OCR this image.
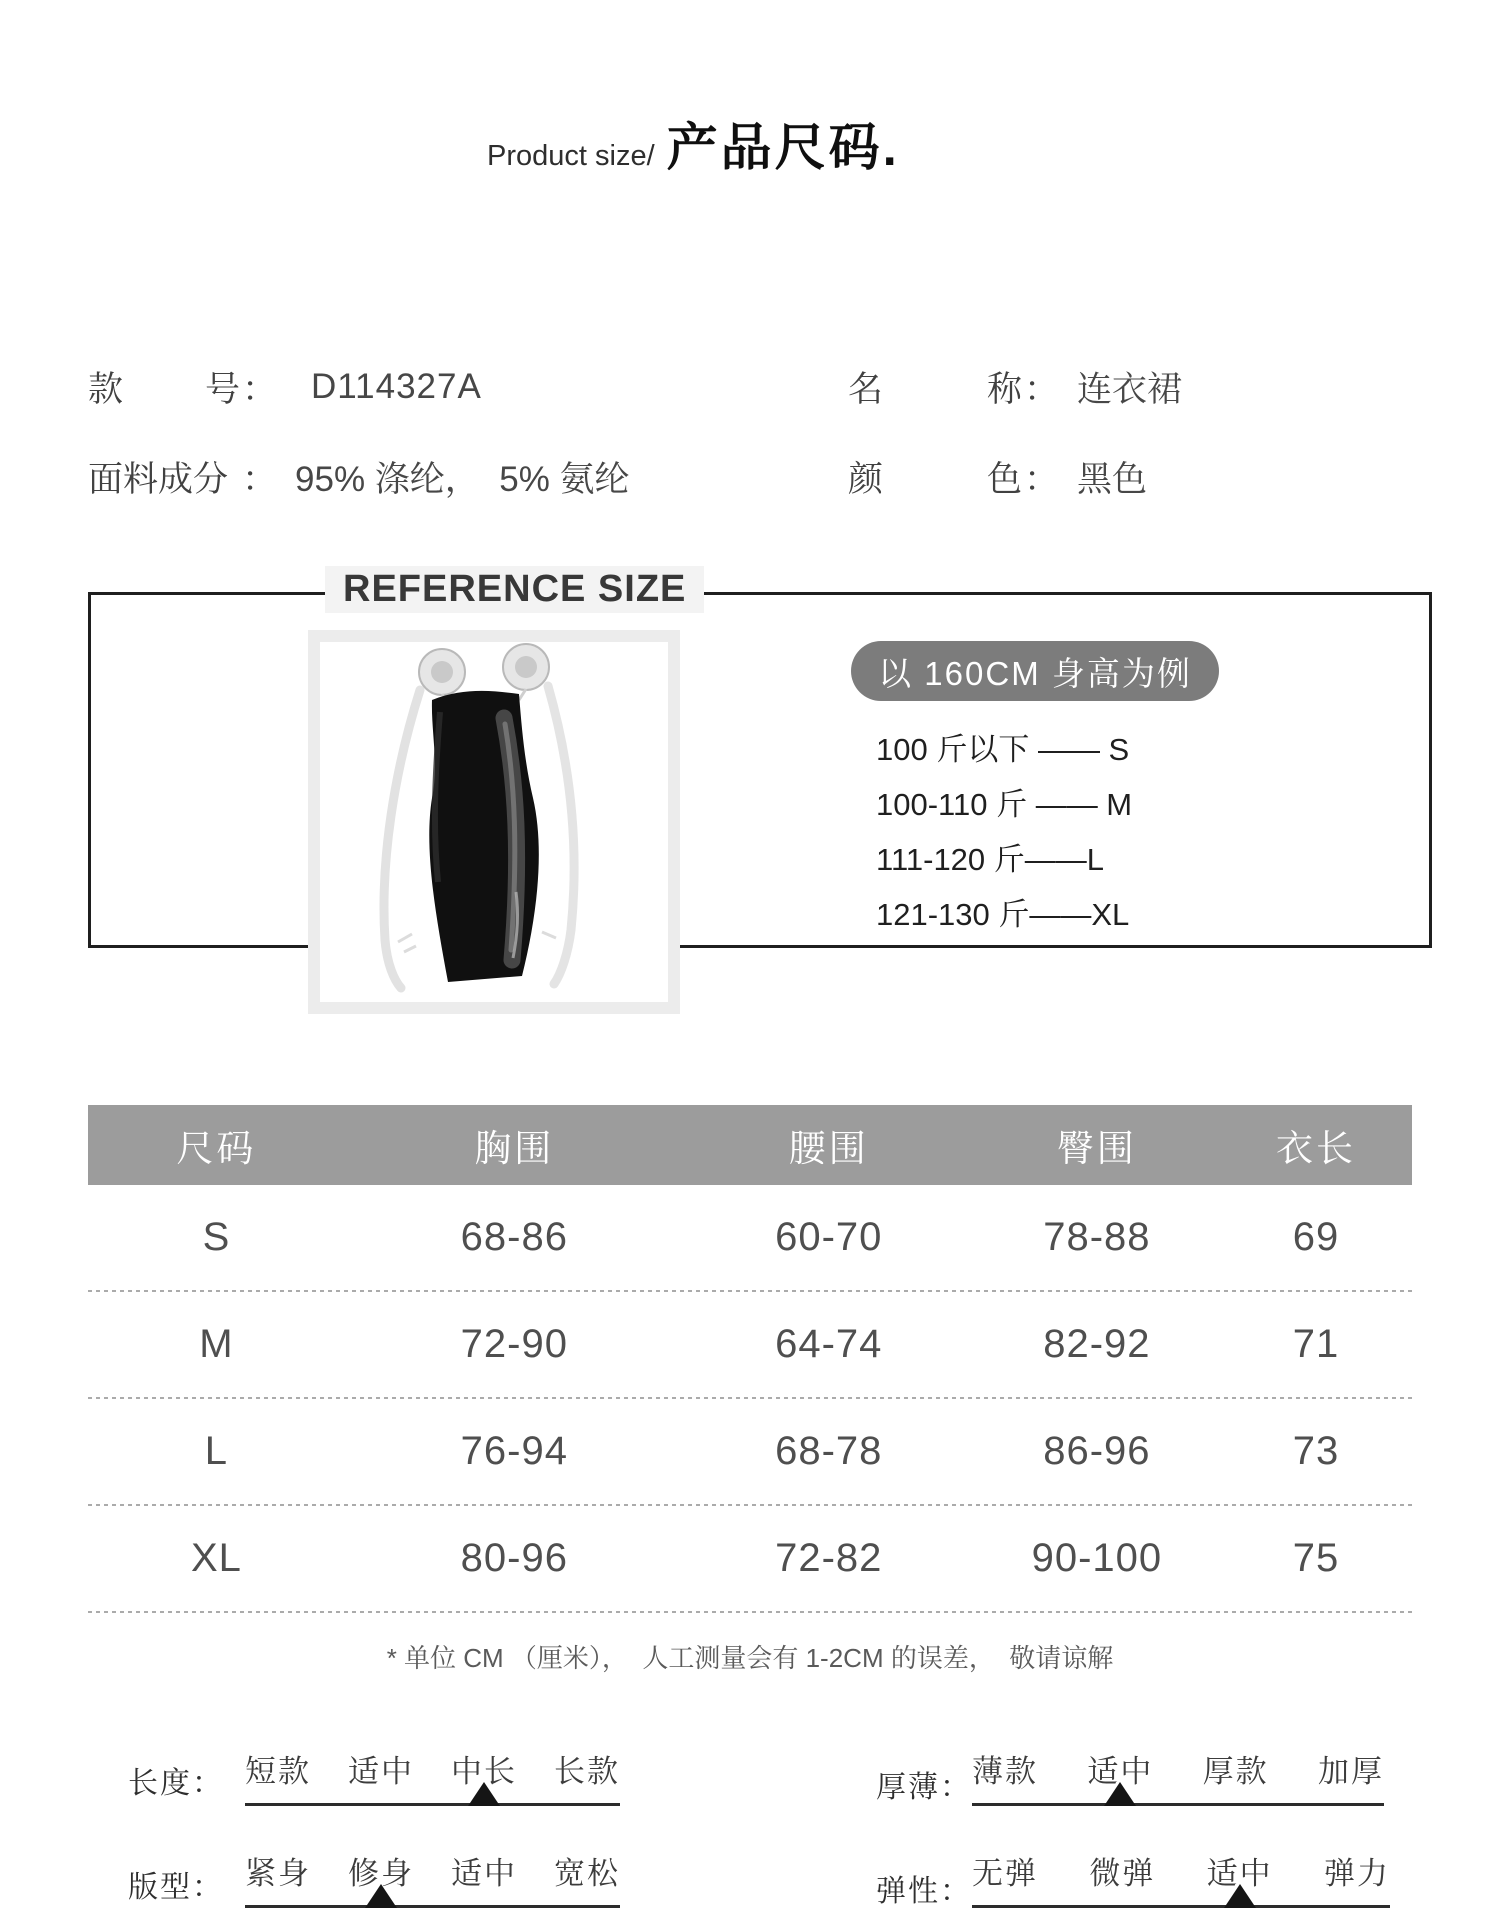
Product size/ 产品尺码.
款 号 ： D114327A	名	称 ： 连衣裙
面料成分 ： 95% 涤纶，  5% 氨纶	颜	色 ： 黑色
REFERENCE SIZE
以 160CM 身高为例
100 斤以下 —— S
100-110 斤 —— M
111-120 斤——L
121-130 斤——XL
尺码	胸围	腰围	臀围	衣长
S	68-86	60-70	78-88	69
M	72-90	64-74	82-92	71
L	76-94	68-78	86-96	73
XL	80-96	72-82	90-100	75
* 单位 CM （厘米），  人工测量会有 1-2CM 的误差，  敬请谅解
长度： 短款 适中 中长 长款	厚薄： 薄款 适中 厚款 加厚
版型： 紧身 修身 适中 宽松
弹性：
无弹 微弹 适中 弹力
